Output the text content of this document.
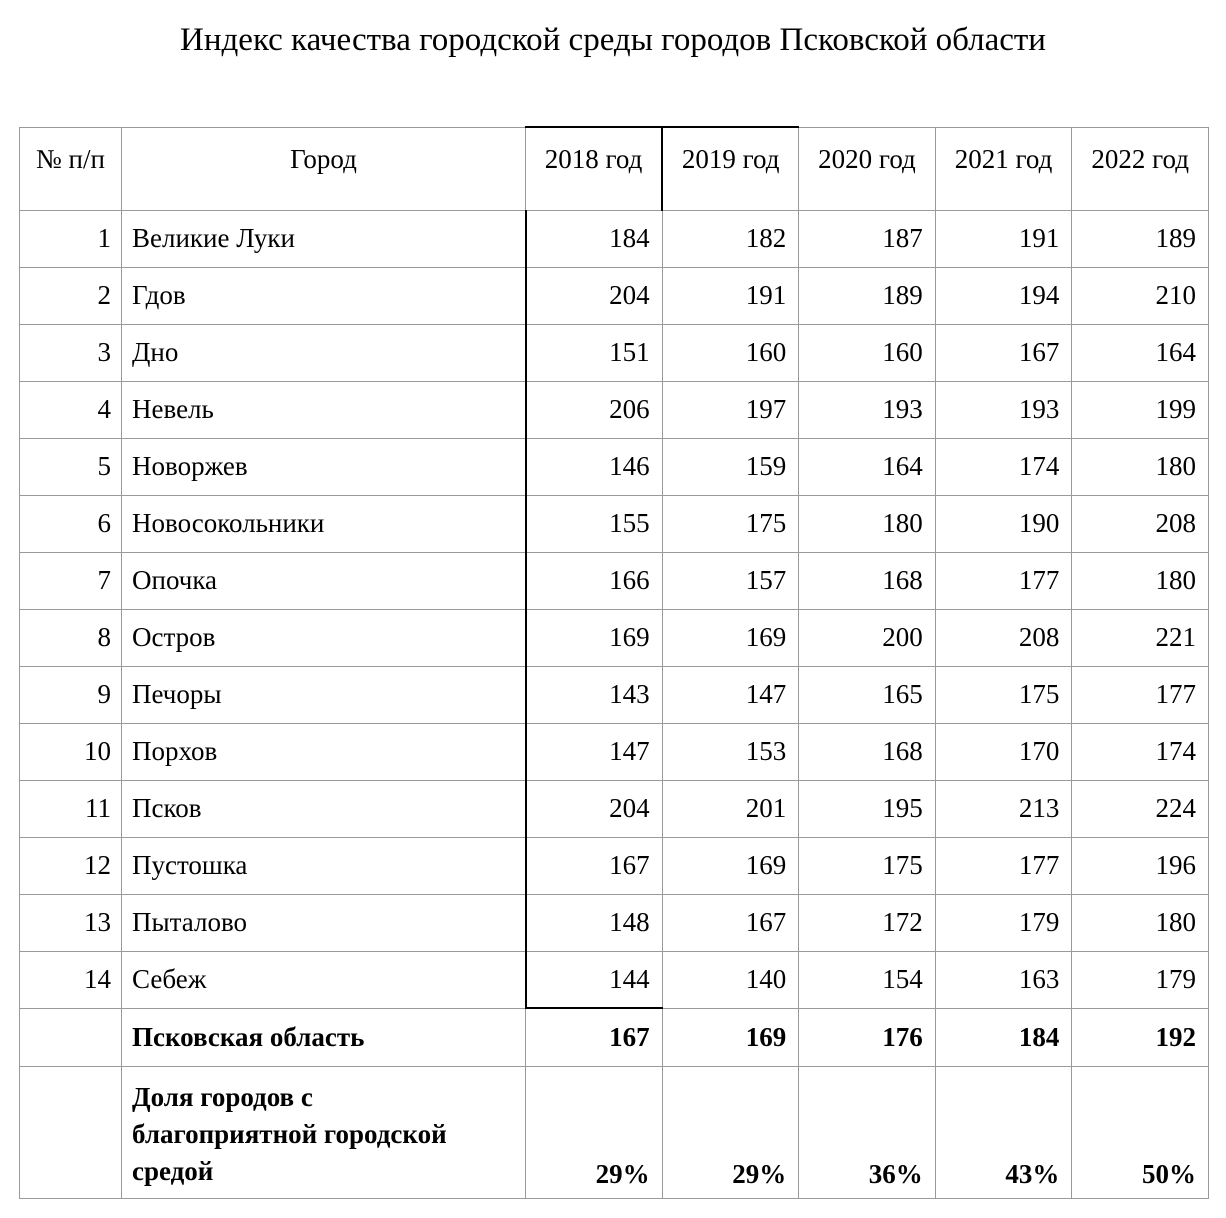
Индекс качества городской среды городов Псковской области
№ п/п	Город	2018 год	2019 год	2020 год	2021 год	2022 год
1	Великие Луки	184	182	187	191	189
2	Гдов	204	191	189	194	210
3	Дно	151	160	160	167	164
4	Невель	206	197	193	193	199
5	Новоржев	146	159	164	174	180
6	Новосокольники	155	175	180	190	208
7	Опочка	166	157	168	177	180
8	Остров	169	169	200	208	221
9	Печоры	143	147	165	175	177
10	Порхов	147	153	168	170	174
11	Псков	204	201	195	213	224
12	Пустошка	167	169	175	177	196
13	Пыталово	148	167	172	179	180
14	Себеж	144	140	154	163	179
	Псковская область	167	169	176	184	192
	Доля городов с благоприятной городской средой	29%	29%	36%	43%	50%
